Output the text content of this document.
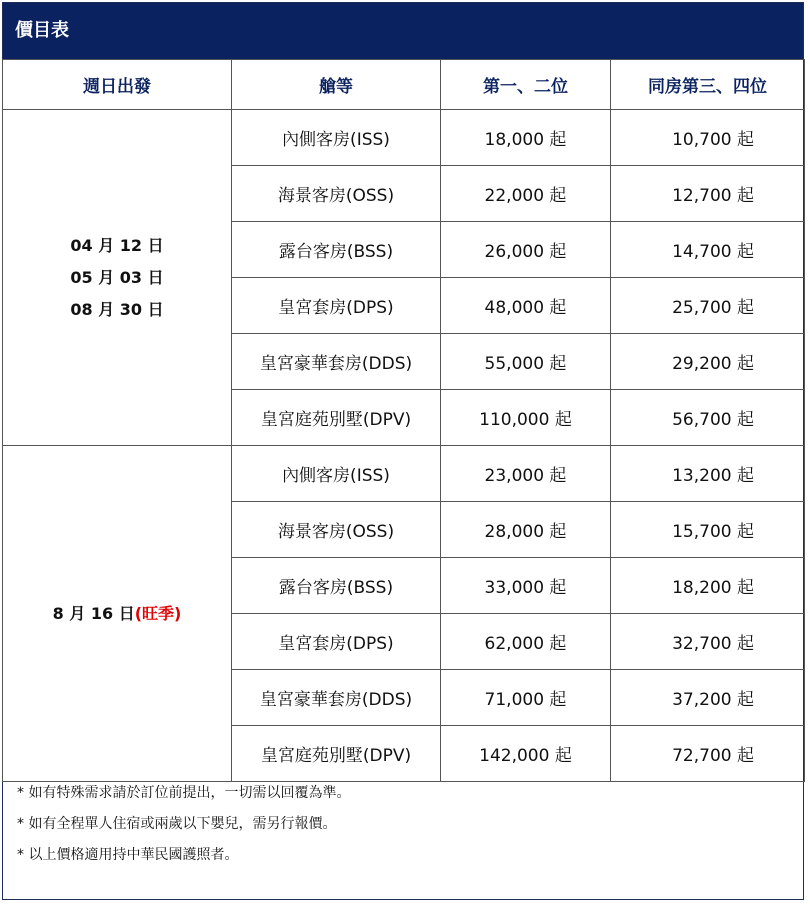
價目表
週日出發	艙等	第一、二位	同房第三、四位

04 月 12 日
05 月 03 日
08 月 30 日	內側客房(ISS)	18,000 起	10,700 起
	海景客房(OSS)	22,000 起	12,700 起
	露台客房(BSS)	26,000 起	14,700 起
	皇宮套房(DPS)	48,000 起	25,700 起
	皇宮豪華套房(DDS)	55,000 起	29,200 起
	皇宮庭苑別墅(DPV)	110,000 起	56,700 起
8 月 16 日(旺季)	內側客房(ISS)	23,000 起	13,200 起
	海景客房(OSS)	28,000 起	15,700 起
	露台客房(BSS)	33,000 起	18,200 起
	皇宮套房(DPS)	62,000 起	32,700 起
	皇宮豪華套房(DDS)	71,000 起	37,200 起
	皇宮庭苑別墅(DPV)	142,000 起	72,700 起
* 如有特殊需求請於訂位前提出，一切需以回覆為準。
* 如有全程單人住宿或兩歲以下嬰兒，需另行報價。
* 以上價格適用持中華民國護照者。
